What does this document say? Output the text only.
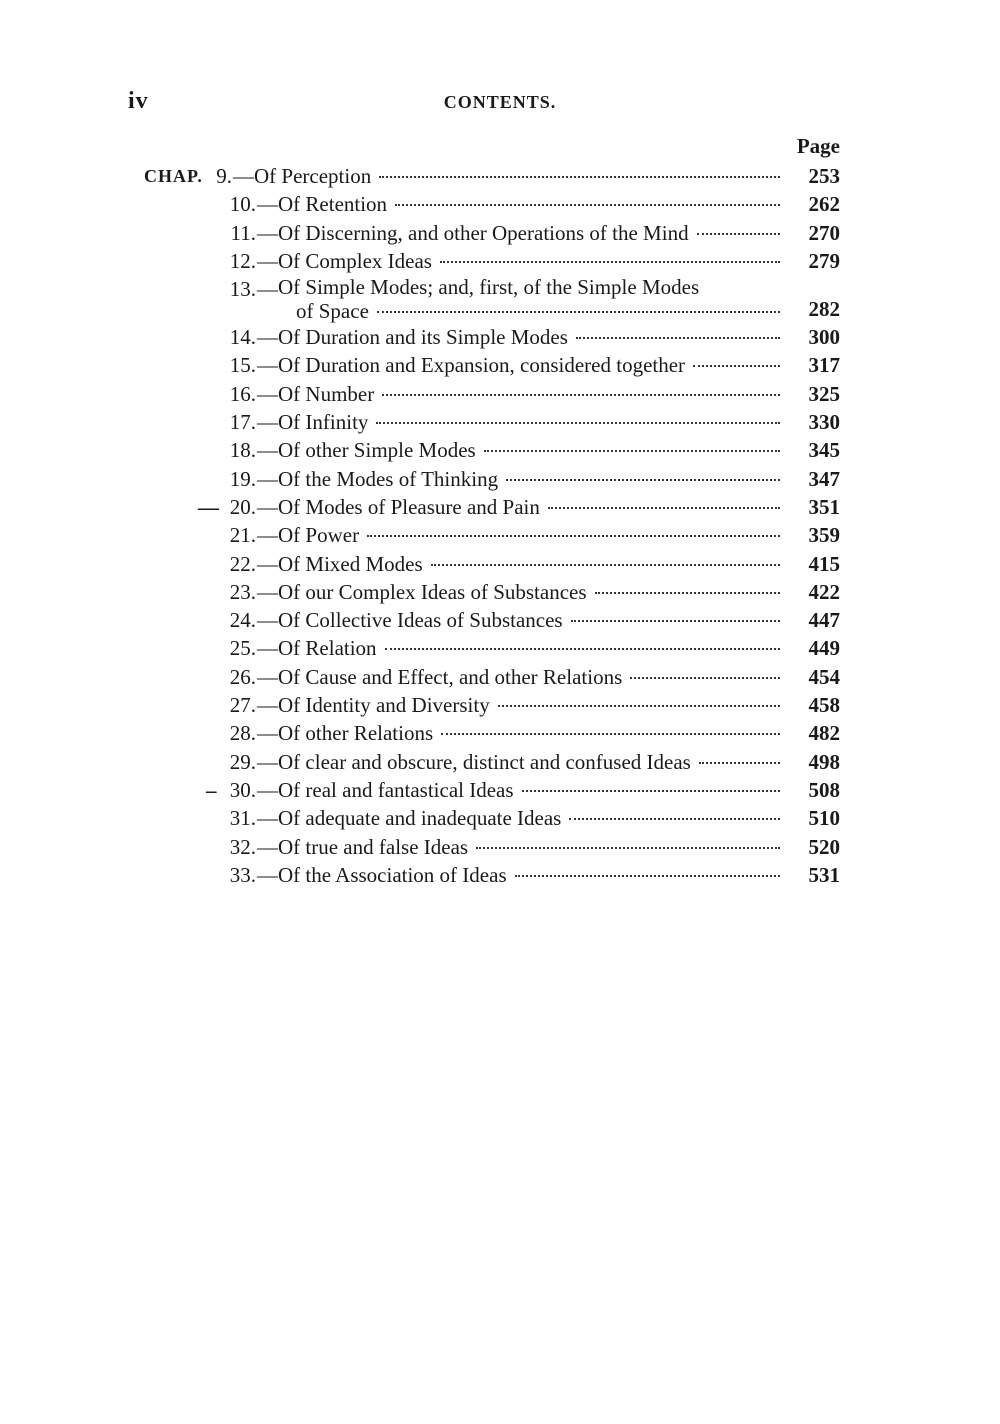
iv	CONTENTS.
Page
CHAP. 9. — Of Perception	253
10. — Of Retention	262
11. — Of Discerning, and other Operations of the Mind	270
12. — Of Complex Ideas	279
13. — Of Simple Modes; and, first, of the Simple Modes
of Space	282
14. — Of Duration and its Simple Modes	300
15. — Of Duration and Expansion, considered together	317
16. — Of Number	325
17. — Of Infinity	330
18. — Of other Simple Modes	345
19. — Of the Modes of Thinking	347
— 20. — Of Modes of Pleasure and Pain	351
21. — Of Power	359
22. — Of Mixed Modes	415
23. — Of our Complex Ideas of Substances	422
24. — Of Collective Ideas of Substances	447
25. — Of Relation	449
26. — Of Cause and Effect, and other Relations	454
27. — Of Identity and Diversity	458
28. — Of other Relations	482
29. — Of clear and obscure, distinct and confused Ideas	498
– 30. — Of real and fantastical Ideas	508
31. — Of adequate and inadequate Ideas	510
32. — Of true and false Ideas	520
33. — Of the Association of Ideas	531
